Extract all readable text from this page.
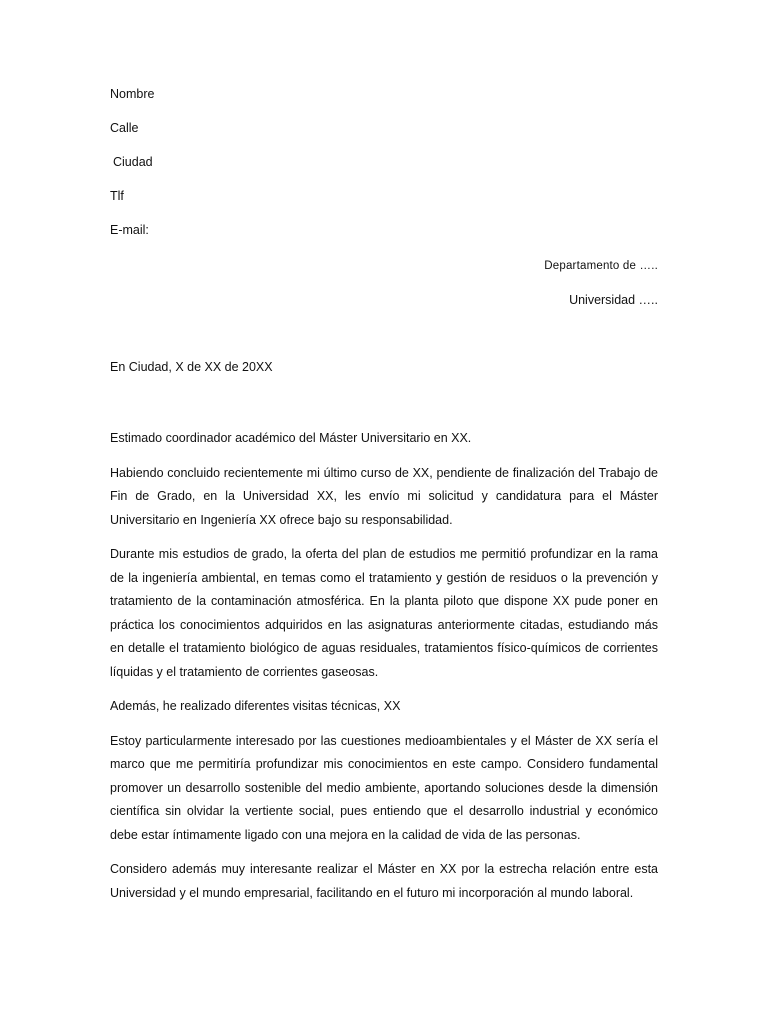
Nombre
Calle
Ciudad
Tlf
E-mail:
Departamento de …..
Universidad …..
En Ciudad, X de XX de 20XX

Estimado coordinador académico del Máster Universitario en XX.

Habiendo concluido recientemente mi último curso de XX, pendiente de finalización del Trabajo de Fin de Grado, en la Universidad XX, les envío mi solicitud y candidatura para el Máster Universitario en Ingeniería XX ofrece bajo su responsabilidad.

Durante mis estudios de grado, la oferta del plan de estudios me permitió profundizar en la rama de la ingeniería ambiental, en temas como el tratamiento y gestión de residuos o la prevención y tratamiento de la contaminación atmosférica. En la planta piloto que dispone XX pude poner en práctica los conocimientos adquiridos en las asignaturas anteriormente citadas, estudiando más en detalle el tratamiento biológico de aguas residuales, tratamientos físico-químicos de corrientes líquidas y el tratamiento de corrientes gaseosas.

Además, he realizado diferentes visitas técnicas, XX

Estoy particularmente interesado por las cuestiones medioambientales y el Máster de XX sería el marco que me permitiría profundizar mis conocimientos en este campo. Considero fundamental promover un desarrollo sostenible del medio ambiente, aportando soluciones desde la dimensión científica sin olvidar la vertiente social, pues entiendo que el desarrollo industrial y económico debe estar íntimamente ligado con una mejora en la calidad de vida de las personas.

Considero además muy interesante realizar el Máster en XX por la estrecha relación entre esta Universidad y el mundo empresarial, facilitando en el futuro mi incorporación al mundo laboral.
